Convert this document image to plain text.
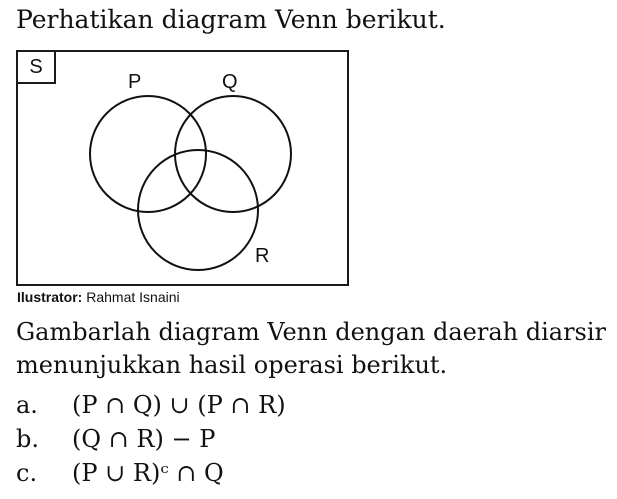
Perhatikan diagram Venn berikut.

S
P	Q
R
Ilustrator: Rahmat Isnaini

Gambarlah diagram Venn dengan daerah diarsir menunjukkan hasil operasi berikut.

a.	(P ∩ Q) ∪ (P ∩ R)
b.	(Q ∩ R) − P
c.	(P ∪ R)ᶜ ∩ Q
